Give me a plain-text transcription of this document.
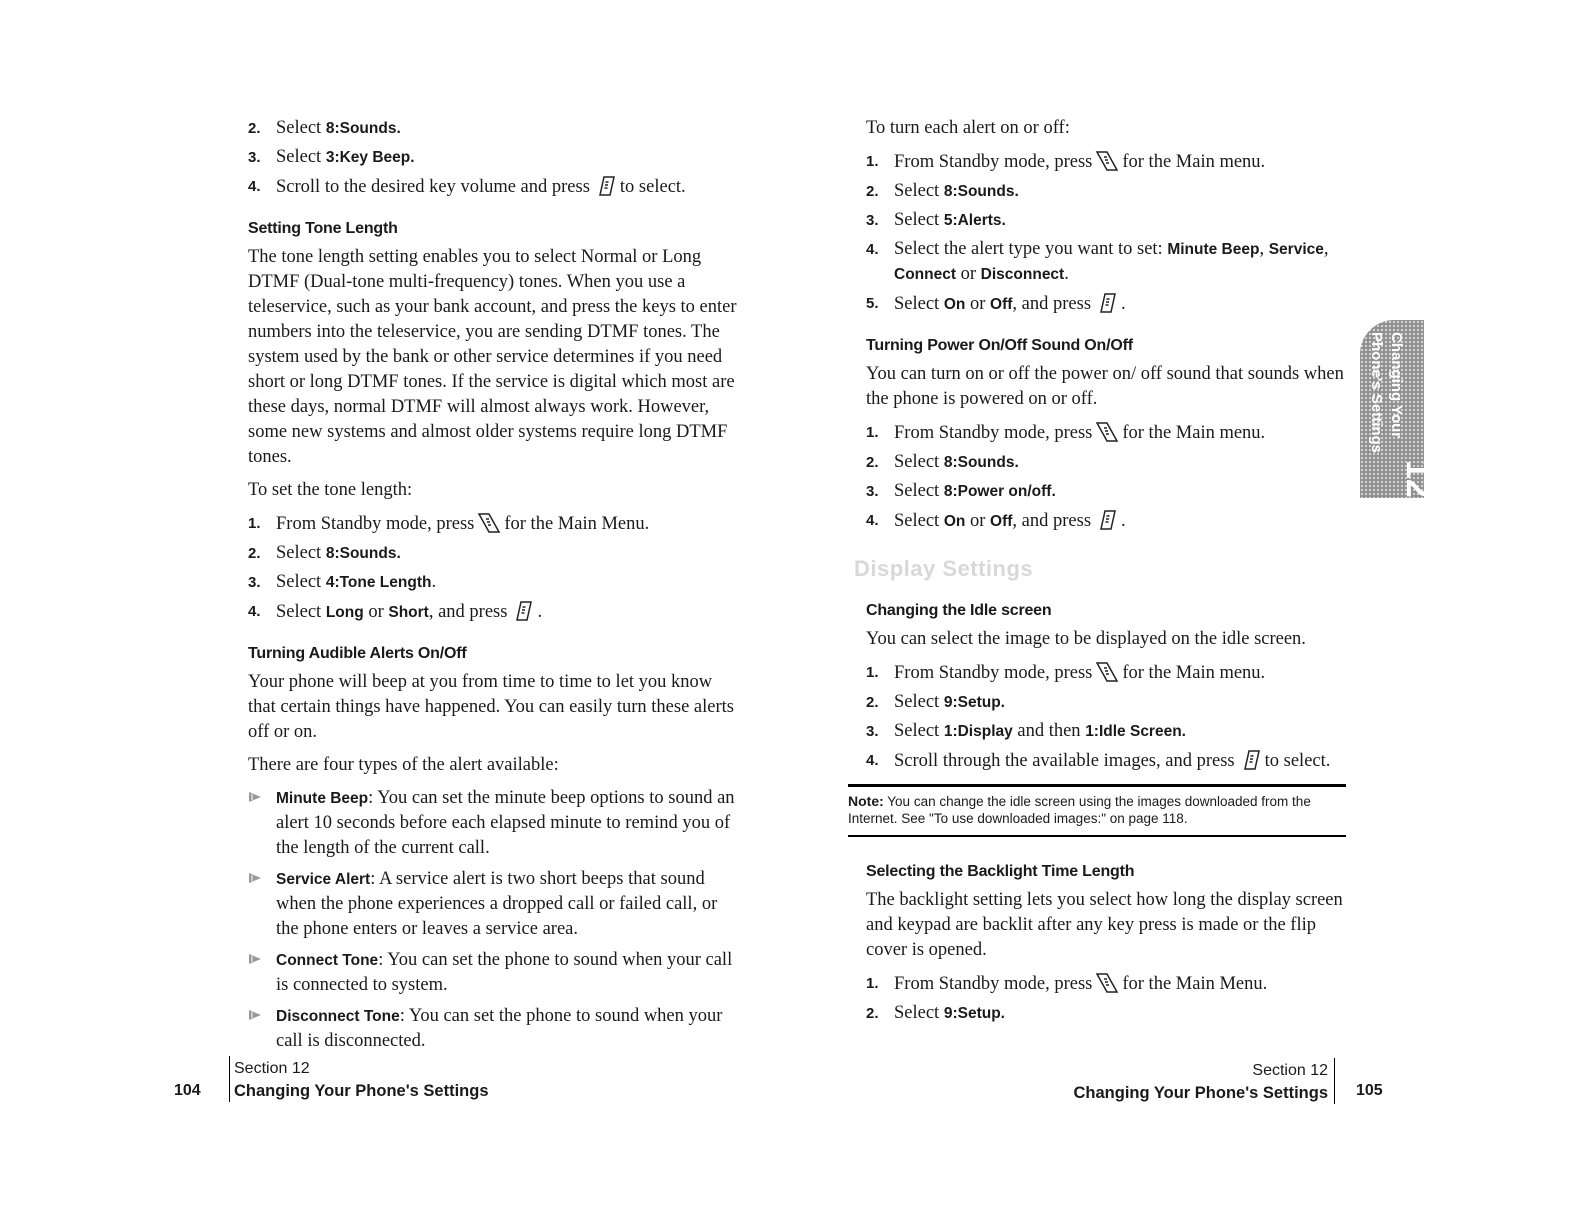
2. Select 8:Sounds.
3. Select 3:Key Beep.
4. Scroll to the desired key volume and press to select.
Setting Tone Length

The tone length setting enables you to select Normal or Long DTMF (Dual-tone multi-frequency) tones. When you use a teleservice, such as your bank account, and press the keys to enter numbers into the teleservice, you are sending DTMF tones. The system used by the bank or other service determines if you need short or long DTMF tones. If the service is digital which most are these days, normal DTMF will almost always work. However, some new systems and almost older systems require long DTMF tones.

To set the tone length:

1. From Standby mode, press for the Main Menu.
2. Select 8:Sounds.
3. Select 4:Tone Length.
4. Select Long or Short, and press .
Turning Audible Alerts On/Off

Your phone will beep at you from time to time to let you know that certain things have happened. You can easily turn these alerts off or on.

There are four types of the alert available:

Minute Beep: You can set the minute beep options to sound an alert 10 seconds before each elapsed minute to remind you of the length of the current call.
Service Alert: A service alert is two short beeps that sound when the phone experiences a dropped call or failed call, or the phone enters or leaves a service area.
Connect Tone: You can set the phone to sound when your call is connected to system.
Disconnect Tone: You can set the phone to sound when your call is disconnected.

To turn each alert on or off:

1. From Standby mode, press for the Main menu.
2. Select 8:Sounds.
3. Select 5:Alerts.
4. Select the alert type you want to set: Minute Beep, Service, Connect or Disconnect.
5. Select On or Off, and press .
Turning Power On/Off Sound On/Off

You can turn on or off the power on/ off sound that sounds when the phone is powered on or off.

1. From Standby mode, press for the Main menu.
2. Select 8:Sounds.
3. Select 8:Power on/off.
4. Select On or Off, and press .
Display Settings
Changing the Idle screen

You can select the image to be displayed on the idle screen.

1. From Standby mode, press for the Main menu.
2. Select 9:Setup.
3. Select 1:Display and then 1:Idle Screen.
4. Scroll through the available images, and press to select.
Note: You can change the idle screen using the images downloaded from the Internet. See "To use downloaded images:" on page 118.
Selecting the Backlight Time Length

The backlight setting lets you select how long the display screen and keypad are backlit after any key press is made or the flip cover is opened.

1. From Standby mode, press for the Main Menu.
2. Select 9:Setup.
Changing Your Phone's Settings
12
104
Section 12
Changing Your Phone's Settings
Section 12
Changing Your Phone's Settings 105
